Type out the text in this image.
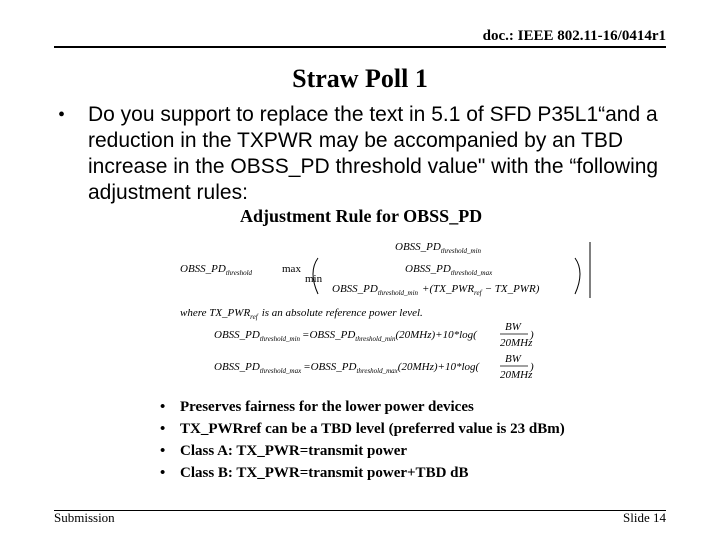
doc.: IEEE 802.11-16/0414r1
Straw Poll 1
• Do you support to replace the text in 5.1 of SFD P35L1“and a reduction in the TXPWR may be accompanied by an TBD increase in the OBSS_PD threshold value" with the “following adjustment rules:
Adjustment Rule for OBSS_PD
$OBSS\_PD_{threshold\_min}$
$OBSS\_PD_{threshold}$	max
min
$OBSS\_PD_{threshold\_max}$
$OBSS\_PD_{threshold\_min}$ $+(TX\_PWR_{ref}$ − TX_PWR)
where $TX\_PWR_{ref}$ is an absolute reference power level.
$OBSS\_PD_{threshold\_min}$ $=OBSS\_PD_{threshold\_min}(20MHz)+10*\log$(
BW
20MHz
)
$OBSS\_PD_{threshold\_max}$ $=OBSS\_PD_{threshold\_max}(20MHz)+10*\log$(
BW
20MHz
)
• Preserves fairness for the lower power devices
• TX_PWRref can be a TBD level (preferred value is 23 dBm)
• Class A: TX_PWR=transmit power
• Class B: TX_PWR=transmit power+TBD dB
Submission	Slide 14
